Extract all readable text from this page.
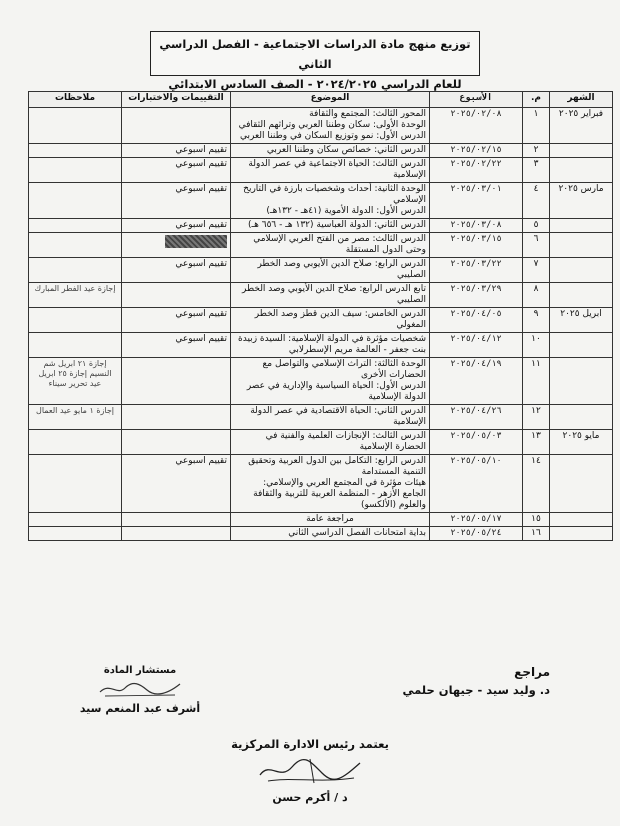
توزيع منهج مادة الدراسات الاجتماعية - الفصل الدراسي الثاني
للعام الدراسي ٢٠٢٤/٢٠٢٥ - الصف السادس الابتدائي
الشهر	م.	الأسبوع	الموضوع	التقييمات والاختبارات	ملاحظات
فبراير ٢٠٢٥	١	٢٠٢٥/٠٢/٠٨	المحور الثالث: المجتمع والثقافة
الوحدة الأولى: سكان وطننا العربي وتراثهم الثقافي
الدرس الأول: نمو وتوزيع السكان في وطننا العربي		

	٢	٢٠٢٥/٠٢/١٥	الدرس الثاني: خصائص سكان وطننا العربي	تقييم اسبوعي	

	٣	٢٠٢٥/٠٢/٢٢	الدرس الثالث: الحياة الاجتماعية في عصر الدولة الإسلامية	تقييم اسبوعي	

مارس ٢٠٢٥	٤	٢٠٢٥/٠٣/٠١	الوحدة الثانية: أحداث وشخصيات بارزة في التاريخ الإسلامي
الدرس الأول: الدولة الأموية (٤١هـ - ١٣٢هـ)	تقييم اسبوعي	

	٥	٢٠٢٥/٠٣/٠٨	الدرس الثاني: الدولة العباسية (١٣٢ هـ - ٦٥٦ هـ)	تقييم اسبوعي	

	٦	٢٠٢٥/٠٣/١٥	الدرس الثالث: مصر من الفتح العربي الإسلامي وحتى الدول المستقلة		

	٧	٢٠٢٥/٠٣/٢٢	الدرس الرابع: صلاح الدين الأيوبي وصد الخطر الصليبي	تقييم اسبوعي	

	٨	٢٠٢٥/٠٣/٢٩	تابع الدرس الرابع: صلاح الدين الأيوبي وصد الخطر الصليبي		إجازة عيد الفطر المبارك

ابريل ٢٠٢٥	٩	٢٠٢٥/٠٤/٠٥	الدرس الخامس: سيف الدين قطز وصد الخطر المغولي	تقييم اسبوعي	

	١٠	٢٠٢٥/٠٤/١٢	شخصيات مؤثرة في الدولة الإسلامية: السيدة زبيدة بنت جعفر - العالمة مريم الإسطرلابي	تقييم اسبوعي	

	١١	٢٠٢٥/٠٤/١٩	الوحدة الثالثة: التراث الإسلامي والتواصل مع الحضارات الأخرى
الدرس الأول: الحياة السياسية والإدارية في عصر الدولة الإسلامية		إجازة ٢١ ابريل شم النسيم إجازة ٢٥ ابريل عيد تحرير سيناء

	١٢	٢٠٢٥/٠٤/٢٦	الدرس الثاني: الحياة الاقتصادية في عصر الدولة الإسلامية		إجازة ١ مايو عيد العمال

مايو ٢٠٢٥	١٣	٢٠٢٥/٠٥/٠٣	الدرس الثالث: الإنجازات العلمية والفنية في الحضارة الإسلامية		

	١٤	٢٠٢٥/٠٥/١٠	الدرس الرابع: التكامل بين الدول العربية وتحقيق التنمية المستدامة
هيئات مؤثرة في المجتمع العربي والإسلامي:
الجامع الأزهر - المنظمة العربية للتربية والثقافة والعلوم (الألكسو)	تقييم اسبوعي	

	١٥	٢٠٢٥/٠٥/١٧	مراجعة عامة		

	١٦	٢٠٢٥/٠٥/٢٤	بداية امتحانات الفصل الدراسي الثاني		

مراجع
د. وليد سيد - جيهان حلمي
مستشار المادة
أشرف عبد المنعم سيد
يعتمد رئيس الادارة المركزية
د / أكرم حسن
